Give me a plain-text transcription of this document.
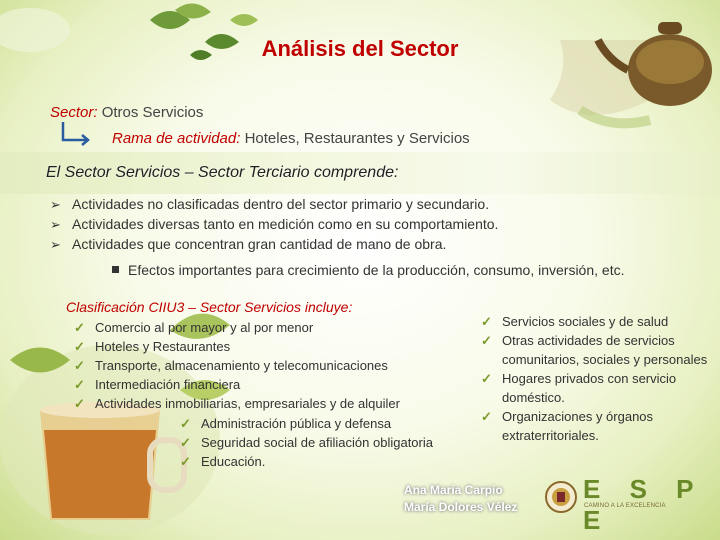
Análisis del Sector
Sector: Otros Servicios
Rama de actividad: Hoteles, Restaurantes y Servicios
El Sector Servicios – Sector Terciario comprende:
➢ Actividades no clasificadas dentro del sector primario y secundario.
➢ Actividades diversas tanto en medición como en su comportamiento.
➢ Actividades que concentran gran cantidad de mano de obra.
Efectos importantes para crecimiento de la producción, consumo, inversión, etc.
Clasificación CIIU3 – Sector Servicios incluye:
✓ Comercio al por mayor y al por menor
✓ Hoteles y Restaurantes
✓ Transporte, almacenamiento y telecomunicaciones
✓ Intermediación financiera
✓ Actividades inmobiliarias, empresariales y de alquiler
✓ Administración pública y defensa
✓ Seguridad social de afiliación obligatoria
✓ Educación.
✓ Servicios sociales y de salud
✓ Otras actividades de servicios comunitarios, sociales y personales
✓ Hogares privados con servicio doméstico.
✓ Organizaciones y órganos extraterritoriales.
Ana Maria Carpio
María Dolores Vélez
E S P E
CAMINO A LA EXCELENCIA
